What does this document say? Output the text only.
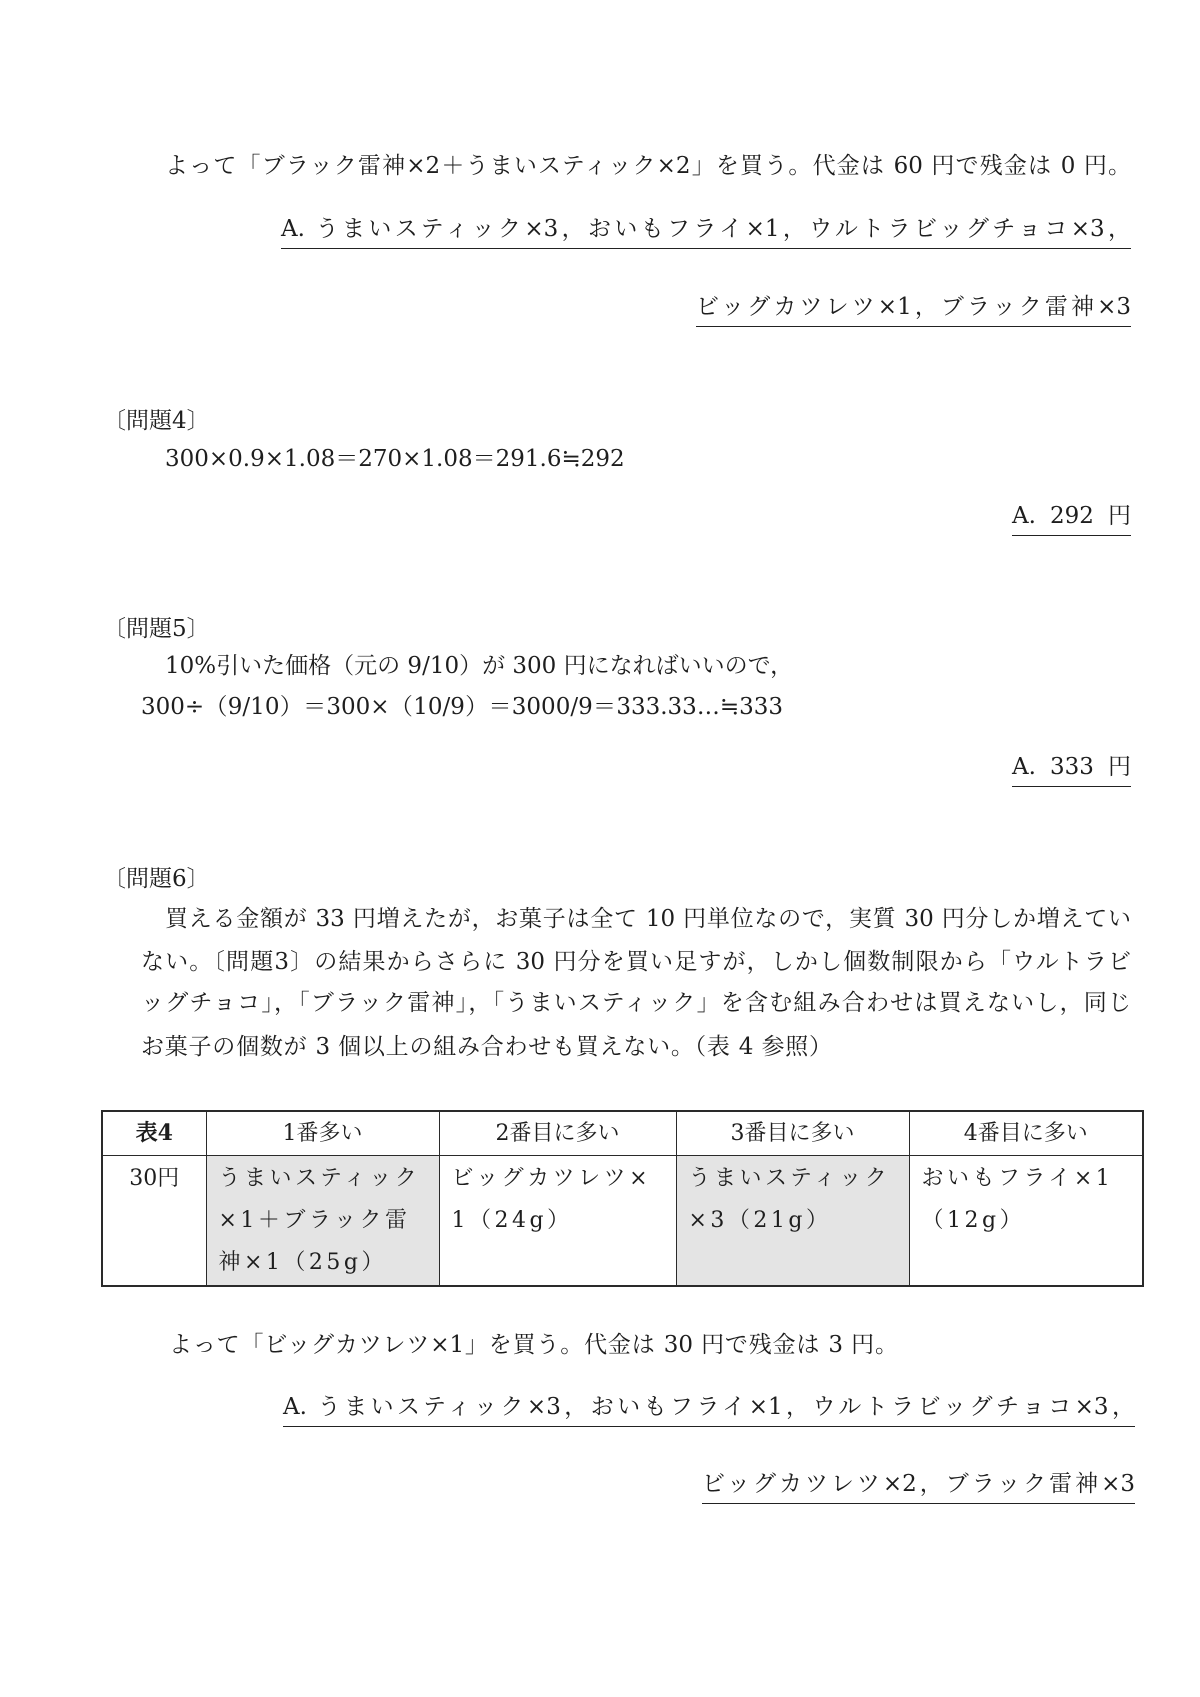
よって「ブラック雷神×2＋うまいスティック×2」を買う。代金は 60 円で残金は 0 円。
A. うまいスティック×3，おいもフライ×1，ウルトラビッグチョコ×3，
ビッグカツレツ×1，ブラック雷神×3
〔問題4〕
300×0.9×1.08＝270×1.08＝291.6≒292
A. 292 円
〔問題5〕
10%引いた価格（元の 9/10）が 300 円になればいいので，
300÷（9/10）＝300×（10/9）＝3000/9＝333.33…≒333
A. 333 円
〔問題6〕
買える金額が 33 円増えたが，お菓子は全て 10 円単位なので，実質 30 円分しか増えてい
ない。〔問題3〕の結果からさらに 30 円分を買い足すが，しかし個数制限から「ウルトラビ
ッグチョコ」，「ブラック雷神」，「うまいスティック」を含む組み合わせは買えないし，同じ
お菓子の個数が 3 個以上の組み合わせも買えない。（表 4 参照）
表4	1番多い	2番目に多い	3番目に多い	4番目に多い
30円	うまいスティック×1＋ブラック雷神×1（25g）	ビッグカツレツ×1（24g）	うまいスティック×3（21g）	おいもフライ×1（12g）
よって「ビッグカツレツ×1」を買う。代金は 30 円で残金は 3 円。
A. うまいスティック×3，おいもフライ×1，ウルトラビッグチョコ×3，
ビッグカツレツ×2，ブラック雷神×3
